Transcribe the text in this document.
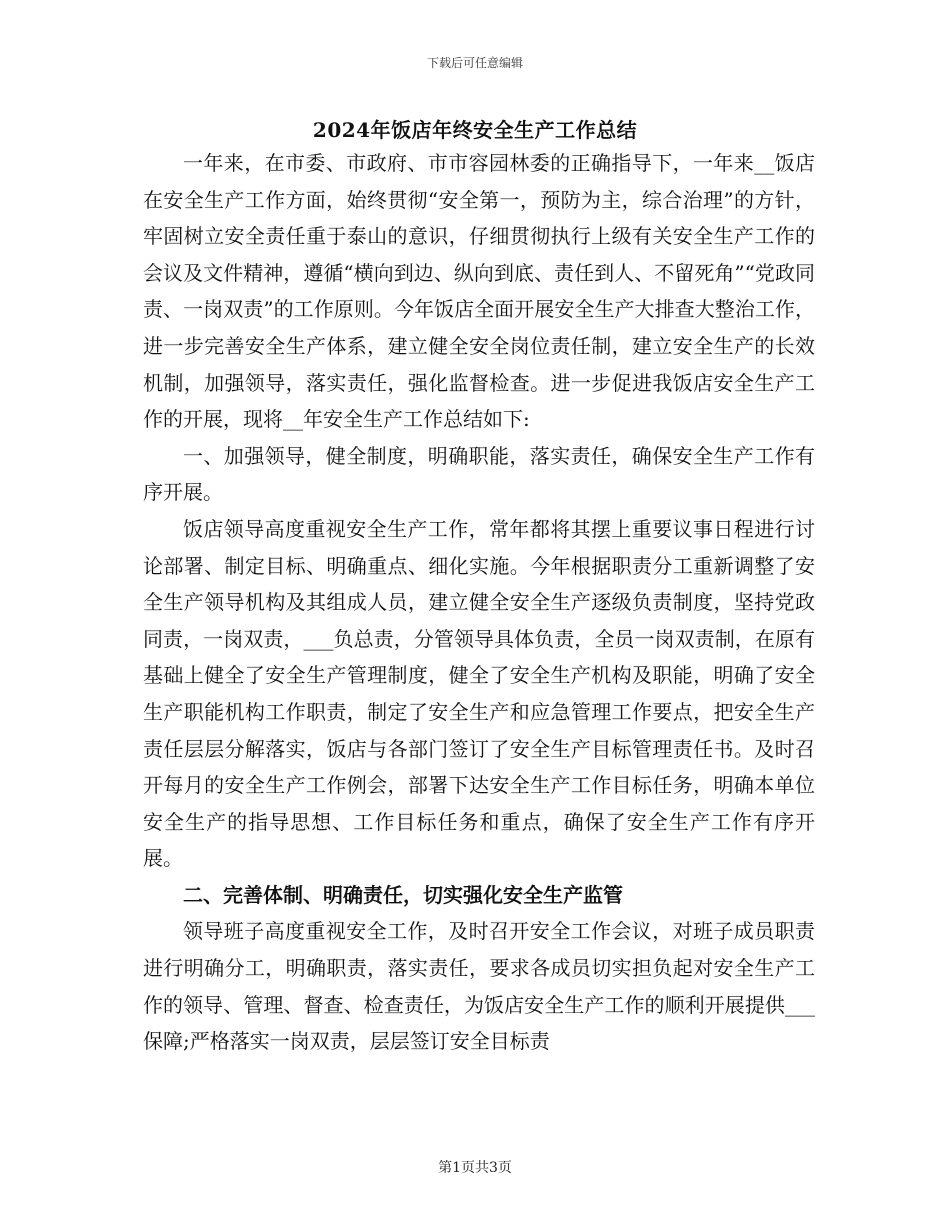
下载后可任意编辑
2024年饭店年终安全生产工作总结

一年来，在市委、市政府、市市容园林委的正确指导下，一年来__饭店在安全生产工作方面，始终贯彻“安全第一，预防为主，综合治理”的方针，牢固树立安全责任重于泰山的意识，仔细贯彻执行上级有关安全生产工作的会议及文件精神，遵循“横向到边、纵向到底、责任到人、不留死角”“党政同责、一岗双责”的工作原则。今年饭店全面开展安全生产大排查大整治工作，进一步完善安全生产体系，建立健全安全岗位责任制，建立安全生产的长效机制，加强领导，落实责任，强化监督检查。进一步促进我饭店安全生产工作的开展，现将__年安全生产工作总结如下:

一、加强领导，健全制度，明确职能，落实责任，确保安全生产工作有序开展。

饭店领导高度重视安全生产工作，常年都将其摆上重要议事日程进行讨论部署、制定目标、明确重点、细化实施。今年根据职责分工重新调整了安全生产领导机构及其组成人员，建立健全安全生产逐级负责制度，坚持党政同责，一岗双责，___负总责，分管领导具体负责，全员一岗双责制，在原有基础上健全了安全生产管理制度，健全了安全生产机构及职能，明确了安全生产职能机构工作职责，制定了安全生产和应急管理工作要点，把安全生产责任层层分解落实，饭店与各部门签订了安全生产目标管理责任书。及时召开每月的安全生产工作例会，部署下达安全生产工作目标任务，明确本单位安全生产的指导思想、工作目标任务和重点，确保了安全生产工作有序开展。

二、完善体制、明确责任，切实强化安全生产监管

领导班子高度重视安全工作，及时召开安全工作会议，对班子成员职责进行明确分工，明确职责，落实责任，要求各成员切实担负起对安全生产工作的领导、管理、督查、检查责任，为饭店安全生产工作的顺利开展提供___保障;严格落实一岗双责，层层签订安全目标责

第1页共3页
